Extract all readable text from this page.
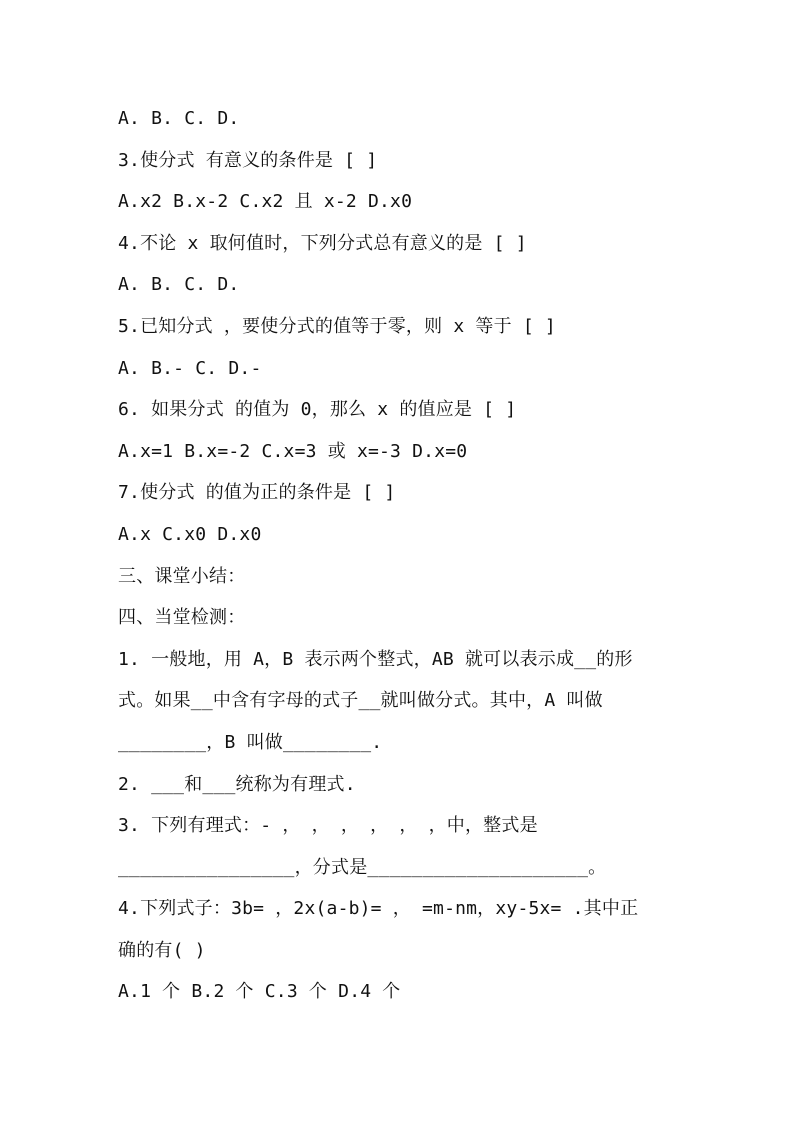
A. B. C. D.
3.使分式 有意义的条件是 [ ]
A.x2 B.x-2 C.x2 且 x-2 D.x0
4.不论 x 取何值时，下列分式总有意义的是 [ ]
A. B. C. D.
5.已知分式 ，要使分式的值等于零，则 x 等于 [ ]
A. B.- C. D.-
6. 如果分式 的值为 0，那么 x 的值应是 [ ]
A.x=1 B.x=-2 C.x=3 或 x=-3 D.x=0
7.使分式 的值为正的条件是 [ ]
A.x C.x0 D.x0
三、课堂小结：
四、当堂检测：
1. 一般地，用 A，B 表示两个整式，AB 就可以表示成__的形
式。如果__中含有字母的式子__就叫做分式。其中，A 叫做
________，B 叫做________.
2. ___和___统称为有理式.
3. 下列有理式：- ， ， ， ， ， ，中，整式是
________________，分式是____________________。
4.下列式子：3b= ，2x(a-b)= ， =m-nm，xy-5x= .其中正
确的有( )
A.1 个 B.2 个 C.3 个 D.4 个
